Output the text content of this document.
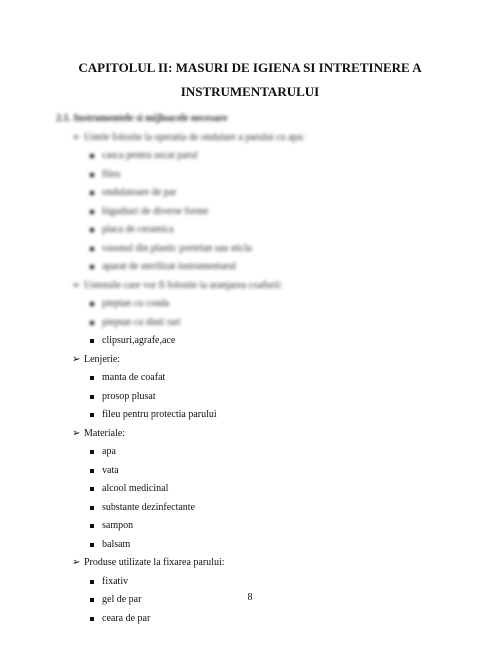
CAPITOLUL II: MASURI DE IGIENA SI INTRETINERE A INSTRUMENTARULUI
2.1. Instrumentele si mijloacele necesare
➢ Ustele folosite la operatia de ondulare a parului cu apa:
casca pentru uscat parul
fileu
ondulatoare de par
bigudiuri de diverse forme
placa de ceramica
vasonul din plastic portelan sau sticla
aparat de sterilizat instrumentarul
➢ Ustensile care vor fi folosite la aranjarea coafurii:
pieptan cu coada
pieptan cu dinti rari
clipsuri,agrafe,ace
➢ Lenjerie:
manta de coafat
prosop plusat
fileu pentru protectia parului
➢ Materiale:
apa
vata
alcool medicinal
substante dezinfectante
sampon
balsam
➢ Produse utilizate la fixarea parului:
fixativ
gel de par
ceara de par
8
